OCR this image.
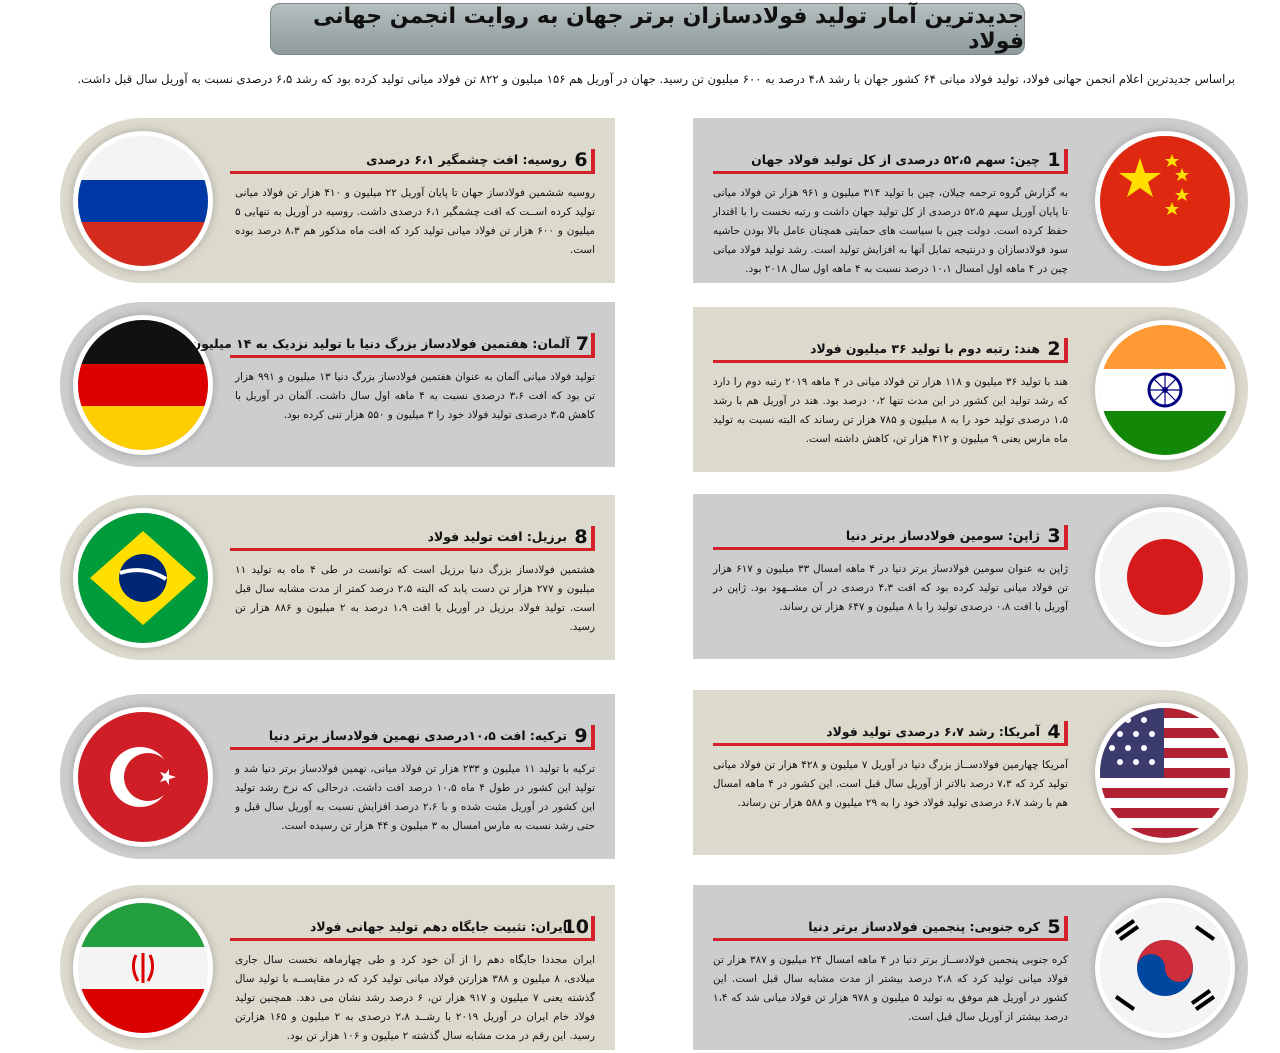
جدیدترین آمار تولید فولادسازان برتر جهان به روایت انجمن جهانی فولاد
براساس جدیدترین اعلام انجمن جهانی فولاد، تولید فولاد میانی ۶۴ کشور جهان با رشد ۴،۸ درصد به ۶۰۰ میلیون تن رسید. جهان در آوریل هم ۱۵۶ میلیون و ۸۲۲ تن فولاد میانی تولید کرده بود که رشد ۶،۵ درصدی نسبت به آوریل سال قبل داشت.
1
چین: سهم ۵۲،۵ درصدی از کل تولید فولاد جهان
به گزارش گروه ترجمه چیلان، چین با تولید ۳۱۴ میلیون و ۹۶۱ هزار تن فولاد میانی تا پایان آوریل سهم ۵۲،۵ درصدی از کل تولید جهان داشت و رتبه نخست را با اقتدار حفظ کرده است. دولت چین با سیاست های حمایتی همچنان عامل بالا بودن حاشیه سود فولادسازان و درنتیجه تمایل آنها به افزایش تولید است. رشد تولید فولاد میانی چین در ۴ ماهه اول امسال ۱۰،۱ درصد نسبت به ۴ ماهه اول سال ۲۰۱۸ بود.
2
هند: رتبه دوم با تولید ۳۶ میلیون فولاد
هند با تولید ۳۶ میلیون و ۱۱۸ هزار تن فولاد میانی در ۴ ماهه ۲۰۱۹ رتبه دوم را دارد که رشد تولید این کشور در این مدت تنها ۰،۲ درصد بود. هند در آوریل هم با رشد ۱،۵ درصدی تولید خود را به ۸ میلیون و ۷۸۵ هزار تن رساند که البته نسبت به تولید ماه مارس یعنی ۹ میلیون و ۴۱۲ هزار تن، کاهش داشته است.
3
ژاپن: سومین فولادساز برتر دنیا
ژاپن به عنوان سومین فولادساز برتر دنیا در ۴ ماهه امسال ۳۳ میلیون و ۶۱۷ هزار تن فولاد میانی تولید کرده بود که افت ۴،۳ درصدی در آن مشــهود بود. ژاپن در آوریل با افت ۰،۸ درصدی تولید را با ۸ میلیون و ۶۴۷ هزار تن رساند.
4
آمریکا: رشد ۶،۷ درصدی تولید فولاد
آمریکا چهارمین فولادســاز بزرگ دنیا در آوریل ۷ میلیون و ۴۲۸ هزار تن فولاد میانی تولید کرد که ۷،۳ درصد بالاتر از آوریل سال قبل است. این کشور در ۴ ماهه امسال هم با رشد ۶،۷ درصدی تولید فولاد خود را به ۲۹ میلیون و ۵۸۸ هزار تن رساند.
5
کره جنوبی: پنجمین فولادساز برتر دنیا
کره جنوبی پنجمین فولادســاز برتر دنیا در ۴ ماهه امسال ۲۴ میلیون و ۳۸۷ هزار تن فولاد میانی تولید کرد که ۲،۸ درصد بیشتر از مدت مشابه سال قبل است. این کشور در آوریل هم موفق به تولید ۵ میلیون و ۹۷۸ هزار تن فولاد میانی شد که ۱،۴ درصد بیشتر از آوریل سال قبل است.
6
روسیه: افت چشمگیر ۶،۱ درصدی
روسیه ششمین فولادساز جهان تا پایان آوریل ۲۲ میلیون و ۴۱۰ هزار تن فولاد میانی تولید کرده اســت که افت چشمگیر ۶،۱ درصدی داشت. روسیه در آوریل به تنهایی ۵ میلیون و ۶۰۰ هزار تن فولاد میانی تولید کرد که افت ماه مذکور هم ۸،۳ درصد بوده است.
7
آلمان: هفتمین فولادساز بزرگ دنیا با تولید نزدیک به ۱۴ میلیون
تولید فولاد میانی آلمان به عنوان هفتمین فولادساز بزرگ دنیا ۱۳ میلیون و ۹۹۱ هزار تن بود که افت ۳،۶ درصدی نسبت به ۴ ماهه اول سال داشت. آلمان در آوریل با کاهش ۳،۵ درصدی تولید فولاد خود را ۳ میلیون و ۵۵۰ هزار تنی کرده بود.
8
برزیل: افت تولید فولاد
هشتمین فولادساز بزرگ دنیا برزیل است که توانست در طی ۴ ماه به تولید ۱۱ میلیون و ۲۷۷ هزار تن دست یابد که البته ۲،۵ درصد کمتر از مدت مشابه سال قبل است. تولید فولاد برزیل در آوریل با افت ۱،۹ درصد به ۲ میلیون و ۸۸۶ هزار تن رسید.
9
ترکیه: افت ۱۰،۵درصدی نهمین فولادساز برتر دنیا
ترکیه با تولید ۱۱ میلیون و ۲۳۳ هزار تن فولاد میانی، نهمین فولادساز برتر دنیا شد و تولید این کشور در طول ۴ ماه ۱۰،۵ درصد افت داشت. درحالی که نرخ رشد تولید این کشور در آوریل مثبت شده و با ۲،۶ درصد افزایش نسبت به آوریل سال قبل و حتی رشد نسبت به مارس امسال به ۳ میلیون و ۴۴ هزار تن رسیده است.
10
ایران: تثبیت جایگاه دهم تولید جهانی فولاد
ایران مجددا جایگاه دهم را از آن خود کرد و طی چهارماهه نخست سال جاری میلادی، ۸ میلیون و ۳۸۸ هزارتن فولاد میانی تولید کرد که در مقایســه با تولید سال گذشته یعنی ۷ میلیون و ۹۱۷ هزار تن، ۶ درصد رشد نشان می دهد. همچنین تولید فولاد خام ایران در آوریل ۲۰۱۹ با رشــد ۲،۸ درصدی به ۲ میلیون و ۱۶۵ هزارتن رسید. این رقم در مدت مشابه سال گذشته ۲ میلیون و ۱۰۶ هزار تن بود.
